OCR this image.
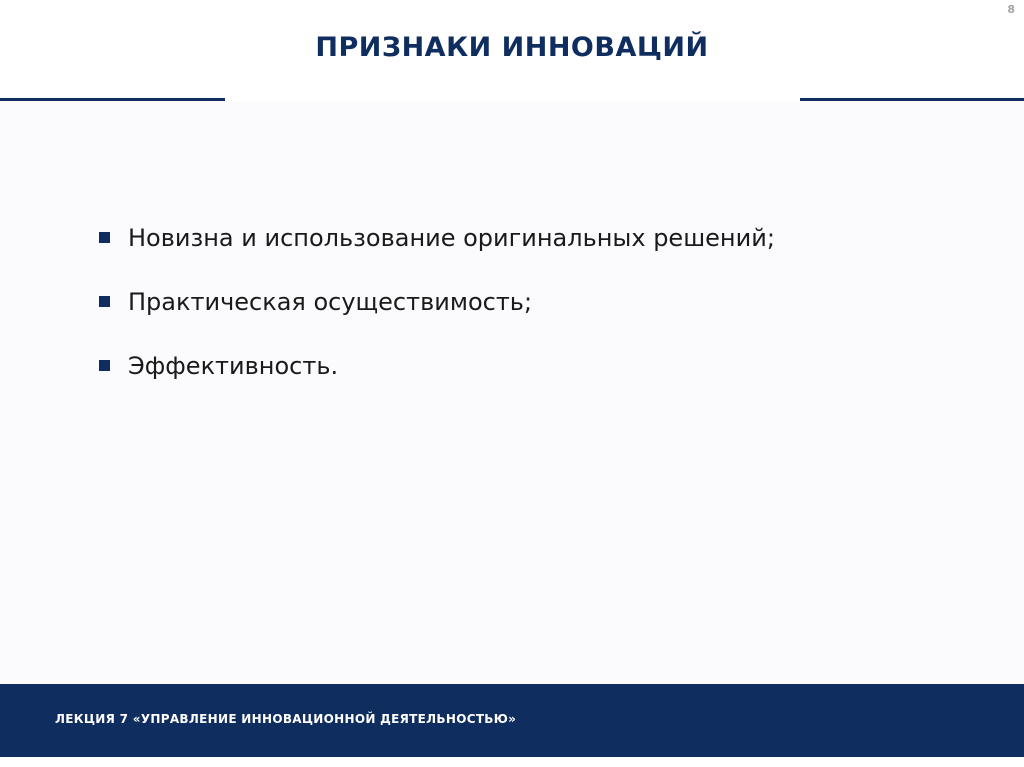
8
ПРИЗНАКИ ИННОВАЦИЙ
Новизна и использование оригинальных решений;
Практическая осуществимость;
Эффективность.
ЛЕКЦИЯ 7 «УПРАВЛЕНИЕ ИННОВАЦИОННОЙ ДЕЯТЕЛЬНОСТЬЮ»
